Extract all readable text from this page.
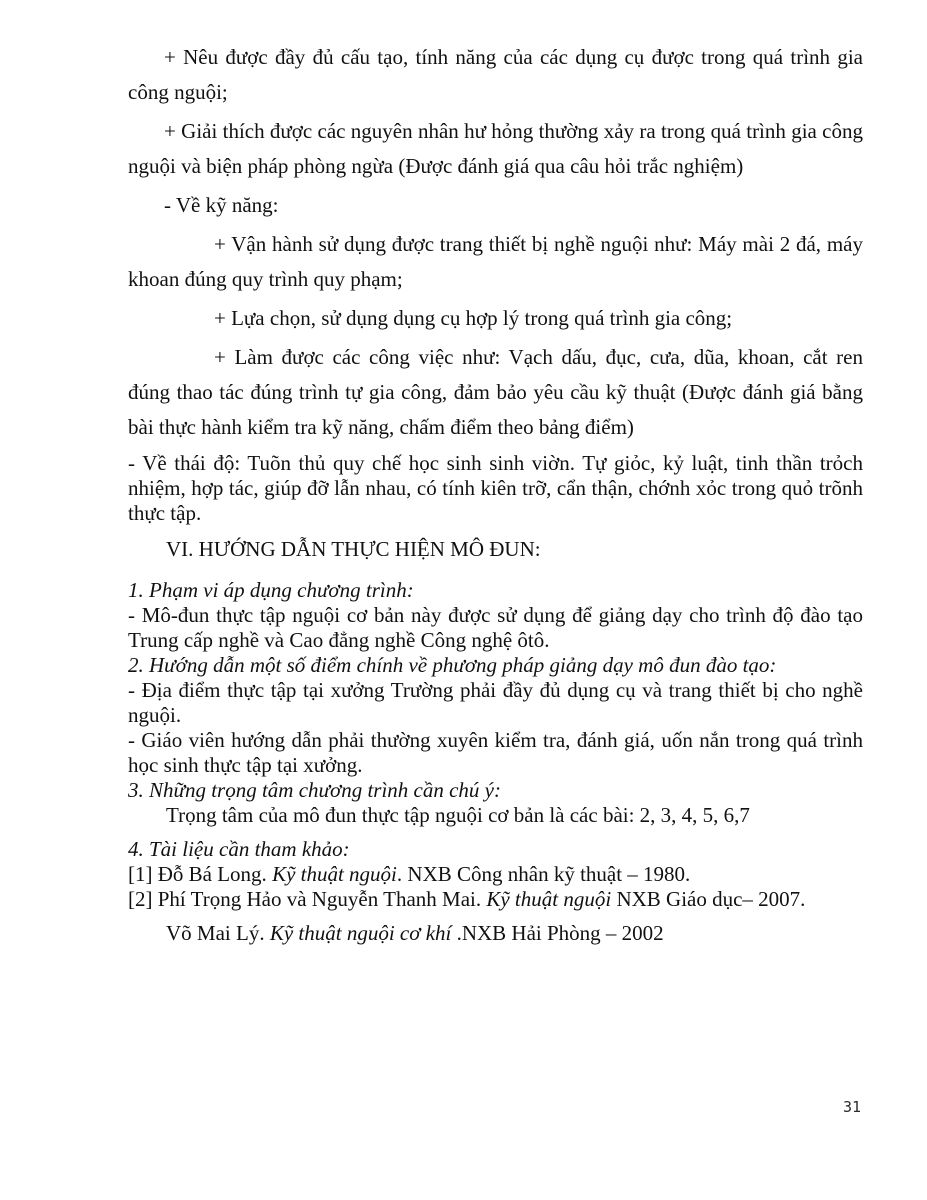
+ Nêu được đầy đủ cấu tạo, tính năng của các dụng cụ được trong quá trình gia công nguội;

+ Giải thích được các nguyên nhân hư hỏng thường xảy ra trong quá trình gia công nguội và biện pháp phòng ngừa (Được đánh giá qua câu hỏi trắc nghiệm)

- Về kỹ năng:

+ Vận hành sử dụng được trang thiết bị nghề nguội như: Máy mài 2 đá, máy khoan đúng quy trình quy phạm;

+ Lựa chọn, sử dụng dụng cụ hợp lý trong quá trình gia công;

+ Làm được các công việc như: Vạch dấu, đục, cưa, dũa, khoan, cắt ren đúng thao tác đúng trình tự gia công, đảm bảo yêu cầu kỹ thuật (Được đánh giá bằng bài thực hành kiểm tra kỹ năng, chấm điểm theo bảng điểm)

- Về thái độ: Tuõn thủ quy chế học sinh sinh viờn. Tự giỏc, kỷ luật, tinh thần trỏch nhiệm, hợp tác, giúp đỡ lẫn nhau, có tính kiên trỡ, cẩn thận, chớnh xỏc trong quỏ trõnh thực tập.

VI. HƯỚNG DẪN THỰC HIỆN MÔ ĐUN:

1. Phạm vi áp dụng chương trình:

- Mô-đun thực tập nguội cơ bản này được sử dụng để giảng dạy cho trình độ đào tạo Trung cấp nghề và Cao đẳng nghề Công nghệ ôtô.

2. Hướng dẫn một số điểm chính về phương pháp giảng dạy mô đun đào tạo:

- Địa điểm thực tập tại xưởng Trường phải đầy đủ dụng cụ và trang thiết bị cho nghề nguội.

- Giáo viên hướng dẫn phải thường xuyên kiểm tra, đánh giá, uốn nắn trong quá trình học sinh thực tập tại xưởng.

3. Những trọng tâm chương trình cần chú ý:

Trọng tâm của mô đun thực tập nguội cơ bản là các bài: 2, 3, 4, 5, 6,7

4. Tài liệu cần tham khảo:

[1] Đỗ Bá Long. Kỹ thuật nguội. NXB Công nhân kỹ thuật – 1980.

[2] Phí Trọng Hảo và Nguyễn Thanh Mai. Kỹ thuật nguội NXB Giáo dục– 2007.

Võ Mai Lý. Kỹ thuật nguội cơ khí .NXB Hải Phòng – 2002

31
